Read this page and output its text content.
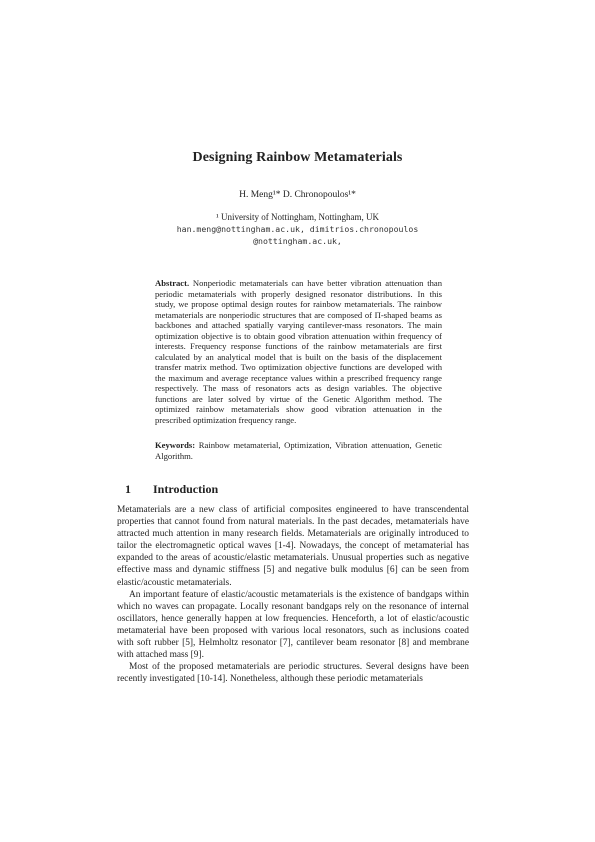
Designing Rainbow Metamaterials
H. Meng¹* D. Chronopoulos¹*
¹ University of Nottingham, Nottingham, UK
han.meng@nottingham.ac.uk, dimitrios.chronopoulos
@nottingham.ac.uk,
Abstract. Nonperiodic metamaterials can have better vibration attenuation than periodic metamaterials with properly designed resonator distributions. In this study, we propose optimal design routes for rainbow metamaterials. The rainbow metamaterials are nonperiodic structures that are composed of Π-shaped beams as backbones and attached spatially varying cantilever-mass resonators. The main optimization objective is to obtain good vibration attenuation within frequency of interests. Frequency response functions of the rainbow metamaterials are first calculated by an analytical model that is built on the basis of the displacement transfer matrix method. Two optimization objective functions are developed with the maximum and average receptance values within a prescribed frequency range respectively. The mass of resonators acts as design variables. The objective functions are later solved by virtue of the Genetic Algorithm method. The optimized rainbow metamaterials show good vibration attenuation in the prescribed optimization frequency range.
Keywords: Rainbow metamaterial, Optimization, Vibration attenuation, Genetic Algorithm.
1 Introduction

Metamaterials are a new class of artificial composites engineered to have transcendental properties that cannot found from natural materials. In the past decades, metamaterials have attracted much attention in many research fields. Metamaterials are originally introduced to tailor the electromagnetic optical waves [1-4]. Nowadays, the concept of metamaterial has expanded to the areas of acoustic/elastic metamaterials. Unusual properties such as negative effective mass and dynamic stiffness [5] and negative bulk modulus [6] can be seen from elastic/acoustic metamaterials.

An important feature of elastic/acoustic metamaterials is the existence of bandgaps within which no waves can propagate. Locally resonant bandgaps rely on the resonance of internal oscillators, hence generally happen at low frequencies. Henceforth, a lot of elastic/acoustic metamaterial have been proposed with various local resonators, such as inclusions coated with soft rubber [5], Helmholtz resonator [7], cantilever beam resonator [8] and membrane with attached mass [9].

Most of the proposed metamaterials are periodic structures. Several designs have been recently investigated [10-14]. Nonetheless, although these periodic metamaterials
